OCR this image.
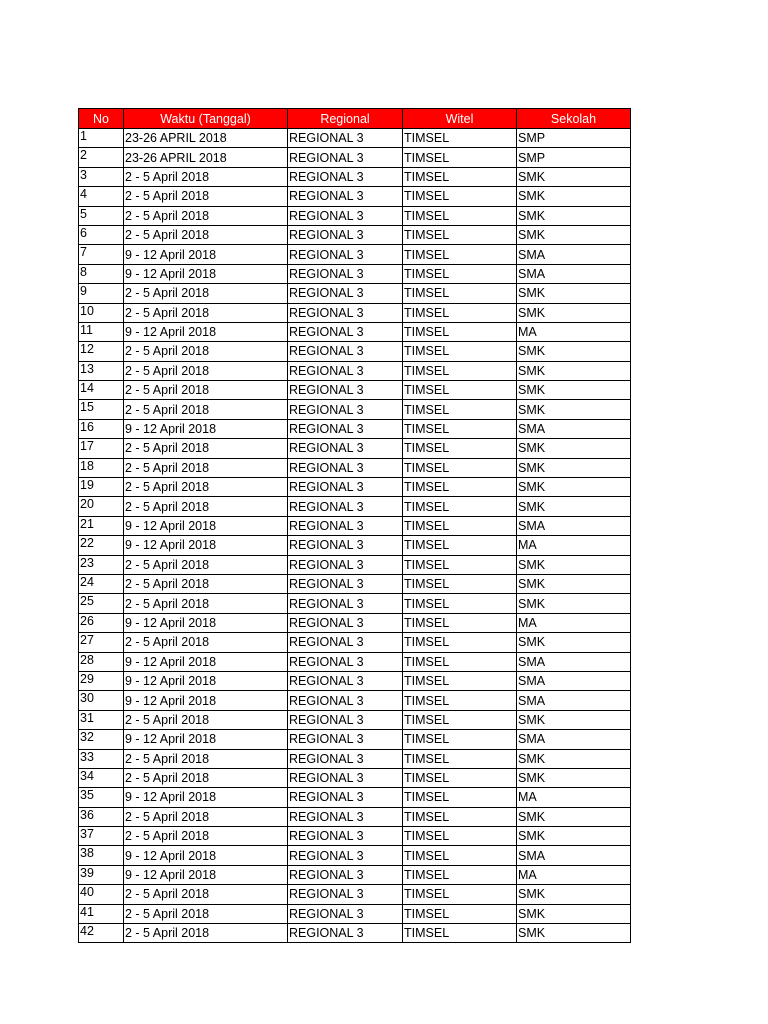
No	Waktu (Tanggal)	Regional	Witel	Sekolah
1	23-26 APRIL 2018	REGIONAL 3	TIMSEL	SMP
2	23-26 APRIL 2018	REGIONAL 3	TIMSEL	SMP
3	2 - 5 April 2018	REGIONAL 3	TIMSEL	SMK
4	2 - 5 April 2018	REGIONAL 3	TIMSEL	SMK
5	2 - 5 April 2018	REGIONAL 3	TIMSEL	SMK
6	2 - 5 April 2018	REGIONAL 3	TIMSEL	SMK
7	9 - 12 April 2018	REGIONAL 3	TIMSEL	SMA
8	9 - 12 April 2018	REGIONAL 3	TIMSEL	SMA
9	2 - 5 April 2018	REGIONAL 3	TIMSEL	SMK
10	2 - 5 April 2018	REGIONAL 3	TIMSEL	SMK
11	9 - 12 April 2018	REGIONAL 3	TIMSEL	MA
12	2 - 5 April 2018	REGIONAL 3	TIMSEL	SMK
13	2 - 5 April 2018	REGIONAL 3	TIMSEL	SMK
14	2 - 5 April 2018	REGIONAL 3	TIMSEL	SMK
15	2 - 5 April 2018	REGIONAL 3	TIMSEL	SMK
16	9 - 12 April 2018	REGIONAL 3	TIMSEL	SMA
17	2 - 5 April 2018	REGIONAL 3	TIMSEL	SMK
18	2 - 5 April 2018	REGIONAL 3	TIMSEL	SMK
19	2 - 5 April 2018	REGIONAL 3	TIMSEL	SMK
20	2 - 5 April 2018	REGIONAL 3	TIMSEL	SMK
21	9 - 12 April 2018	REGIONAL 3	TIMSEL	SMA
22	9 - 12 April 2018	REGIONAL 3	TIMSEL	MA
23	2 - 5 April 2018	REGIONAL 3	TIMSEL	SMK
24	2 - 5 April 2018	REGIONAL 3	TIMSEL	SMK
25	2 - 5 April 2018	REGIONAL 3	TIMSEL	SMK
26	9 - 12 April 2018	REGIONAL 3	TIMSEL	MA
27	2 - 5 April 2018	REGIONAL 3	TIMSEL	SMK
28	9 - 12 April 2018	REGIONAL 3	TIMSEL	SMA
29	9 - 12 April 2018	REGIONAL 3	TIMSEL	SMA
30	9 - 12 April 2018	REGIONAL 3	TIMSEL	SMA
31	2 - 5 April 2018	REGIONAL 3	TIMSEL	SMK
32	9 - 12 April 2018	REGIONAL 3	TIMSEL	SMA
33	2 - 5 April 2018	REGIONAL 3	TIMSEL	SMK
34	2 - 5 April 2018	REGIONAL 3	TIMSEL	SMK
35	9 - 12 April 2018	REGIONAL 3	TIMSEL	MA
36	2 - 5 April 2018	REGIONAL 3	TIMSEL	SMK
37	2 - 5 April 2018	REGIONAL 3	TIMSEL	SMK
38	9 - 12 April 2018	REGIONAL 3	TIMSEL	SMA
39	9 - 12 April 2018	REGIONAL 3	TIMSEL	MA
40	2 - 5 April 2018	REGIONAL 3	TIMSEL	SMK
41	2 - 5 April 2018	REGIONAL 3	TIMSEL	SMK
42	2 - 5 April 2018	REGIONAL 3	TIMSEL	SMK
